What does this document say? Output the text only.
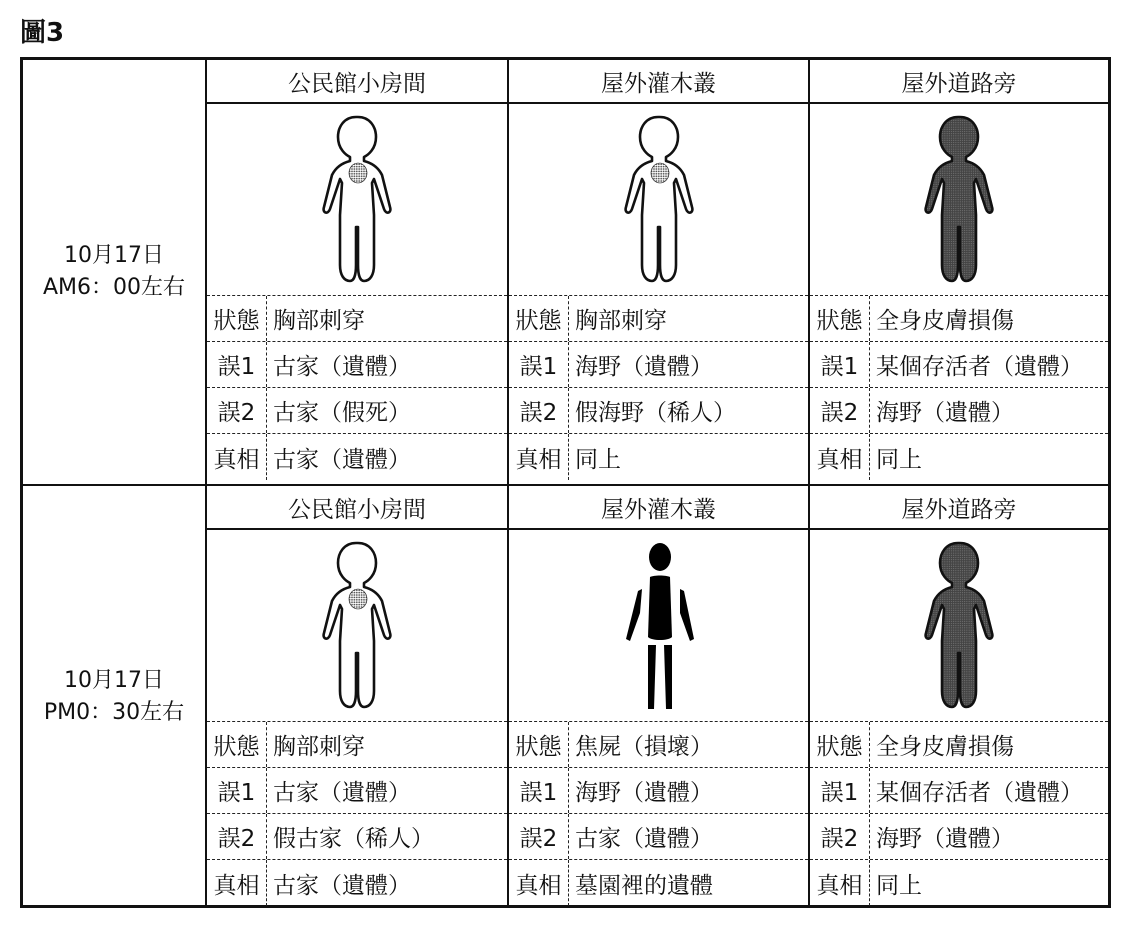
圖3
10月17日
AM6：00左右
公民館小房間
狀態 胸部刺穿
誤1 古家（遺體）
誤2 古家（假死）
真相 古家（遺體）
屋外灌木叢
狀態 胸部刺穿
誤1 海野（遺體）
誤2 假海野（稀人）
真相 同上
屋外道路旁
狀態 全身皮膚損傷
誤1 某個存活者（遺體）
誤2 海野（遺體）
真相 同上
10月17日
PM0：30左右
公民館小房間
狀態 胸部刺穿
誤1 古家（遺體）
誤2 假古家（稀人）
真相 古家（遺體）
屋外灌木叢
狀態 焦屍（損壞）
誤1 海野（遺體）
誤2 古家（遺體）
真相 墓園裡的遺體
屋外道路旁
狀態 全身皮膚損傷
誤1 某個存活者（遺體）
誤2 海野（遺體）
真相 同上
